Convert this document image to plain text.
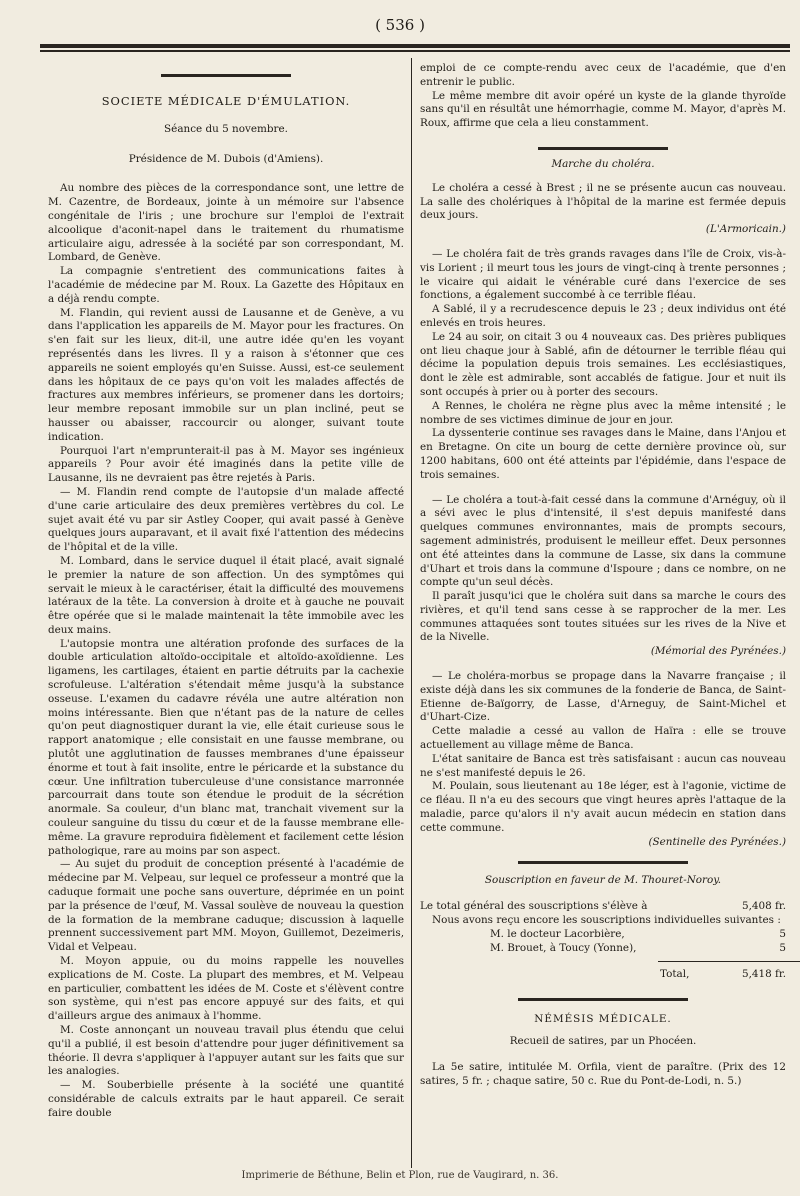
( 536 )
SOCIETE MÉDICALE D'ÉMULATION.
Séance du 5 novembre.
Présidence de M. Dubois (d'Amiens).

Au nombre des pièces de la correspondance sont, une lettre de M. Cazentre, de Bordeaux, jointe à un mémoire sur l'absence congénitale de l'iris ; une brochure sur l'emploi de l'extrait alcoolique d'aconit-napel dans le traitement du rhumatisme articulaire aigu, adressée à la société par son correspondant, M. Lombard, de Genève.

La compagnie s'entretient des communications faites à l'académie de médecine par M. Roux. La Gazette des Hôpitaux en a déjà rendu compte.

M. Flandin, qui revient aussi de Lausanne et de Genève, a vu dans l'application les appareils de M. Mayor pour les fractures. On s'en fait sur les lieux, dit-il, une autre idée qu'en les voyant représentés dans les livres. Il y a raison à s'étonner que ces appareils ne soient employés qu'en Suisse. Aussi, est-ce seulement dans les hôpitaux de ce pays qu'on voit les malades affectés de fractures aux membres inférieurs, se promener dans les dortoirs; leur membre reposant immobile sur un plan incliné, peut se hausser ou abaisser, raccourcir ou alonger, suivant toute indication.

Pourquoi l'art n'emprunterait-il pas à M. Mayor ses ingénieux appareils ? Pour avoir été imaginés dans la petite ville de Lausanne, ils ne devraient pas être rejetés à Paris.

— M. Flandin rend compte de l'autopsie d'un malade affecté d'une carie articulaire des deux premières vertèbres du col. Le sujet avait été vu par sir Astley Cooper, qui avait passé à Genève quelques jours auparavant, et il avait fixé l'attention des médecins de l'hôpital et de la ville.

M. Lombard, dans le service duquel il était placé, avait signalé le premier la nature de son affection. Un des symptômes qui servait le mieux à le caractériser, était la difficulté des mouvemens latéraux de la tête. La conversion à droite et à gauche ne pouvait être opérée que si le malade maintenait la tête immobile avec les deux mains.

L'autopsie montra une altération profonde des surfaces de la double articulation altoïdo-occipitale et altoïdo-axoïdienne. Les ligamens, les cartilages, étaient en partie détruits par la cachexie scrofuleuse. L'altération s'étendait même jusqu'à la substance osseuse. L'examen du cadavre révéla une autre altération non moins intéressante. Bien que n'étant pas de la nature de celles qu'on peut diagnostiquer durant la vie, elle était curieuse sous le rapport anatomique ; elle consistait en une fausse membrane, ou plutôt une agglutination de fausses membranes d'une épaisseur énorme et tout à fait insolite, entre le péricarde et la substance du cœur. Une infiltration tuberculeuse d'une consistance marronnée parcourrait dans toute son étendue le produit de la sécrétion anormale. Sa couleur, d'un blanc mat, tranchait vivement sur la couleur sanguine du tissu du cœur et de la fausse membrane elle-même. La gravure reproduira fidèlement et facilement cette lésion pathologique, rare au moins par son aspect.

— Au sujet du produit de conception présenté à l'académie de médecine par M. Velpeau, sur lequel ce professeur a montré que la caduque formait une poche sans ouverture, déprimée en un point par la présence de l'œuf, M. Vassal soulève de nouveau la question de la formation de la membrane caduque; discussion à laquelle prennent successivement part MM. Moyon, Guillemot, Dezeimeris, Vidal et Velpeau.

M. Moyon appuie, ou du moins rappelle les nouvelles explications de M. Coste. La plupart des membres, et M. Velpeau en particulier, combattent les idées de M. Coste et s'élèvent contre son système, qui n'est pas encore appuyé sur des faits, et qui d'ailleurs argue des animaux à l'homme.

M. Coste annonçant un nouveau travail plus étendu que celui qu'il a publié, il est besoin d'attendre pour juger définitivement sa théorie. Il devra s'appliquer à l'appuyer autant sur les faits que sur les analogies.

— M. Souberbielle présente à la société une quantité considérable de calculs extraits par le haut appareil. Ce serait faire double

emploi de ce compte-rendu avec ceux de l'académie, que d'en entrenir le public.

Le même membre dit avoir opéré un kyste de la glande thyroïde sans qu'il en résultât une hémorrhagie, comme M. Mayor, d'après M. Roux, affirme que cela a lieu constamment.

Marche du choléra.

Le choléra a cessé à Brest ; il ne se présente aucun cas nouveau. La salle des cholériques à l'hôpital de la marine est fermée depuis deux jours.

(L'Armoricain.)

— Le choléra fait de très grands ravages dans l'île de Croix, vis-à-vis Lorient ; il meurt tous les jours de vingt-cinq à trente personnes ; le vicaire qui aidait le vénérable curé dans l'exercice de ses fonctions, a également succombé à ce terrible fléau.

A Sablé, il y a recrudescence depuis le 23 ; deux individus ont été enlevés en trois heures.

Le 24 au soir, on citait 3 ou 4 nouveaux cas. Des prières publiques ont lieu chaque jour à Sablé, afin de détourner le terrible fléau qui décime la population depuis trois semaines. Les ecclésiastiques, dont le zèle est admirable, sont accablés de fatigue. Jour et nuit ils sont occupés à prier ou à porter des secours.

A Rennes, le choléra ne règne plus avec la même intensité ; le nombre de ses victimes diminue de jour en jour.

La dyssenterie continue ses ravages dans le Maine, dans l'Anjou et en Bretagne. On cite un bourg de cette dernière province où, sur 1200 habitans, 600 ont été atteints par l'épidémie, dans l'espace de trois semaines.

— Le choléra a tout-à-fait cessé dans la commune d'Arnéguy, où il a sévi avec le plus d'intensité, il s'est depuis manifesté dans quelques communes environnantes, mais de prompts secours, sagement administrés, produisent le meilleur effet. Deux personnes ont été atteintes dans la commune de Lasse, six dans la commune d'Uhart et trois dans la commune d'Ispoure ; dans ce nombre, on ne compte qu'un seul décès.

Il paraît jusqu'ici que le choléra suit dans sa marche le cours des rivières, et qu'il tend sans cesse à se rapprocher de la mer. Les communes attaquées sont toutes situées sur les rives de la Nive et de la Nivelle.

(Mémorial des Pyrénées.)

— Le choléra-morbus se propage dans la Navarre française ; il existe déjà dans les six communes de la fonderie de Banca, de Saint-Etienne de-Baïgorry, de Lasse, d'Arneguy, de Saint-Michel et d'Uhart-Cize.

Cette maladie a cessé au vallon de Haïra : elle se trouve actuellement au village même de Banca.

L'état sanitaire de Banca est très satisfaisant : aucun cas nouveau ne s'est manifesté depuis le 26.

M. Poulain, sous lieutenant au 18e léger, est à l'agonie, victime de ce fléau. Il n'a eu des secours que vingt heures après l'attaque de la maladie, parce qu'alors il n'y avait aucun médecin en station dans cette commune.

(Sentinelle des Pyrénées.)
Souscription en faveur de M. Thouret-Noroy.
Le total général des souscriptions s'élève à	5,408 fr.

Nous avons reçu encore les souscriptions individuelles suivantes :

M. le docteur Lacorbière,	5
M. Brouet, à Toucy (Yonne),	5
Total,	5,418 fr.
NÉMÉSIS MÉDICALE.
Recueil de satires, par un Phocéen.

La 5e satire, intitulée M. Orfila, vient de paraître. (Prix des 12 satires, 5 fr. ; chaque satire, 50 c. Rue du Pont-de-Lodi, n. 5.)

Imprimerie de Béthune, Belin et Plon, rue de Vaugirard, n. 36.
